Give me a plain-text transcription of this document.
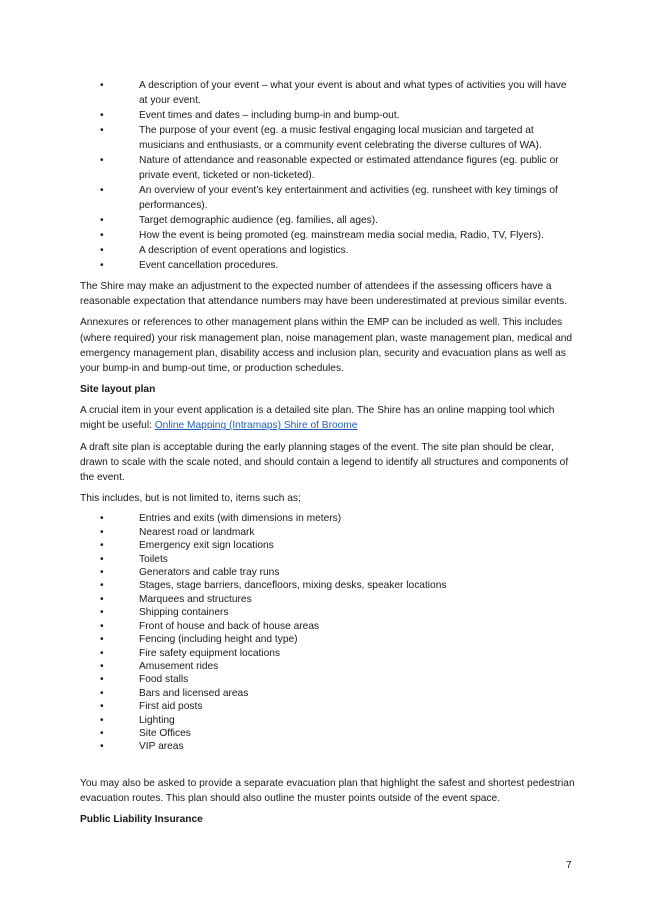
•	A description of your event – what your event is about and what types of activities you will have at your event.
•	Event times and dates – including bump-in and bump-out.
•	The purpose of your event (eg. a music festival engaging local musician and targeted at musicians and enthusiasts, or a community event celebrating the diverse cultures of WA).
•	Nature of attendance and reasonable expected or estimated attendance figures (eg. public or private event, ticketed or non-ticketed).
•	An overview of your event’s key entertainment and activities (eg. runsheet with key timings of performances).
•	Target demographic audience (eg. families, all ages).
•	How the event is being promoted (eg. mainstream media social media, Radio, TV, Flyers).
•	A description of event operations and logistics.
•	Event cancellation procedures.

The Shire may make an adjustment to the expected number of attendees if the assessing officers have a reasonable expectation that attendance numbers may have been underestimated at previous similar events.

Annexures or references to other management plans within the EMP can be included as well. This includes (where required) your risk management plan, noise management plan, waste management plan, medical and emergency management plan, disability access and inclusion plan, security and evacuation plans as well as your bump-in and bump-out time, or production schedules.

Site layout plan

A crucial item in your event application is a detailed site plan. The Shire has an online mapping tool which might be useful: Online Mapping (Intramaps) Shire of Broome

A draft site plan is acceptable during the early planning stages of the event. The site plan should be clear, drawn to scale with the scale noted, and should contain a legend to identify all structures and components of the event.

This includes, but is not limited to, items such as;

•	Entries and exits (with dimensions in meters)
•	Nearest road or landmark
•	Emergency exit sign locations
•	Toilets
•	Generators and cable tray runs
•	Stages, stage barriers, dancefloors, mixing desks, speaker locations
•	Marquees and structures
•	Shipping containers
•	Front of house and back of house areas
•	Fencing (including height and type)
•	Fire safety equipment locations
•	Amusement rides
•	Food stalls
•	Bars and licensed areas
•	First aid posts
•	Lighting
•	Site Offices
•	VIP areas

You may also be asked to provide a separate evacuation plan that highlight the safest and shortest pedestrian evacuation routes. This plan should also outline the muster points outside of the event space.

Public Liability Insurance

7
